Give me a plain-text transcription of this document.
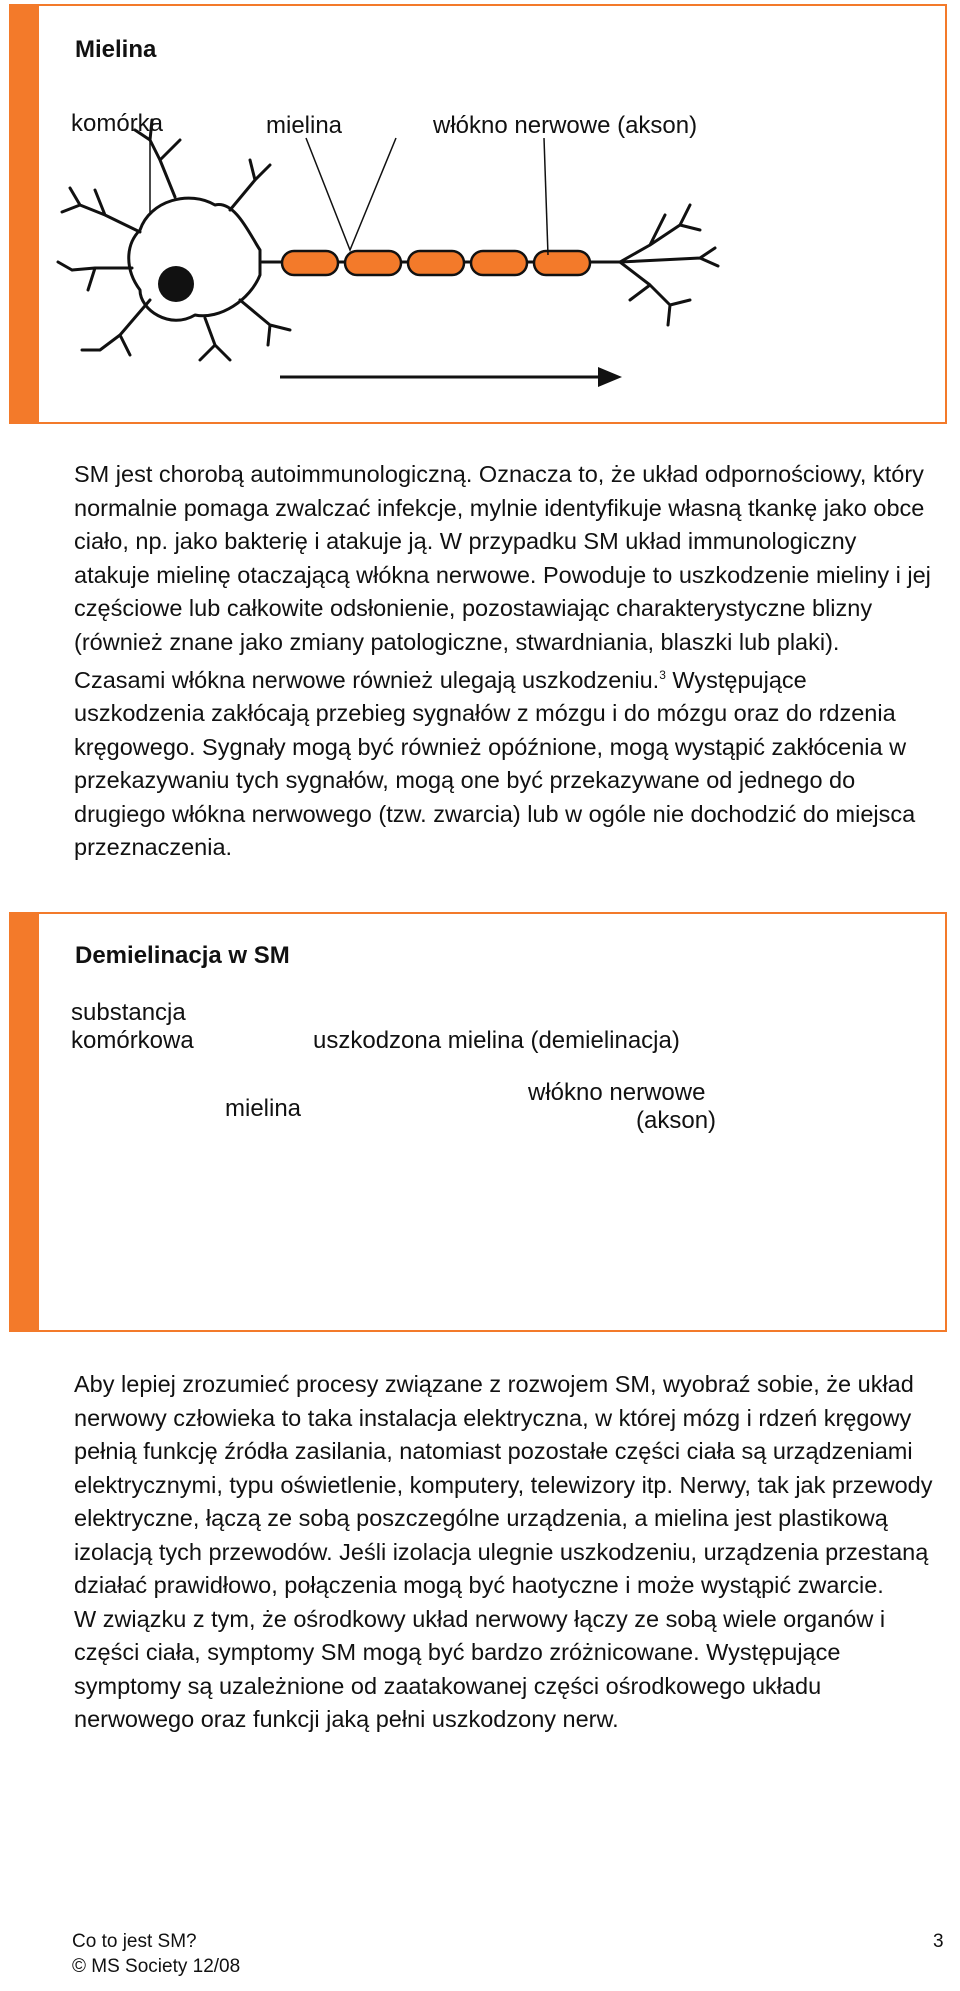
Mielina
komórka	mielina	włókno nerwowe (akson)

SM jest chorobą autoimmunologiczną. Oznacza to, że układ odpornościowy, który normalnie pomaga zwalczać infekcje, mylnie identyfikuje własną tkankę jako obce ciało, np. jako bakterię i atakuje ją. W przypadku SM układ immunologiczny atakuje mielinę otaczającą włókna nerwowe. Powoduje to uszkodzenie mieliny i jej częściowe lub całkowite odsłonienie, pozostawiając charakterystyczne blizny (również znane jako zmiany patologiczne, stwardniania, blaszki lub plaki). Czasami włókna nerwowe również ulegają uszkodzeniu.$^3$ Występujące uszkodzenia zakłócają przebieg sygnałów z mózgu i do mózgu oraz do rdzenia kręgowego. Sygnały mogą być również opóźnione, mogą wystąpić zakłócenia w przekazywaniu tych sygnałów, mogą one być przekazywane od jednego do drugiego włókna nerwowego (tzw. zwarcia) lub w ogóle nie dochodzić do miejsca przeznaczenia.

Demielinacja w SM
substancja
komórkowa	uszkodzona mielina (demielinacja)
mielina
włókno nerwowe
(akson)

Aby lepiej zrozumieć procesy związane z rozwojem SM, wyobraź sobie, że układ nerwowy człowieka to taka instalacja elektryczna, w której mózg i rdzeń kręgowy pełnią funkcję źródła zasilania, natomiast pozostałe części ciała są urządzeniami elektrycznymi, typu oświetlenie, komputery, telewizory itp. Nerwy, tak jak przewody elektryczne, łączą ze sobą poszczególne urządzenia, a mielina jest plastikową izolacją tych przewodów. Jeśli izolacja ulegnie uszkodzeniu, urządzenia przestaną działać prawidłowo, połączenia mogą być haotyczne i może wystąpić zwarcie.

W związku z tym, że ośrodkowy układ nerwowy łączy ze sobą wiele organów i części ciała, symptomy SM mogą być bardzo zróżnicowane. Występujące symptomy są uzależnione od zaatakowanej części ośrodkowego układu nerwowego oraz funkcji jaką pełni uszkodzony nerw.

Co to jest SM?
© MS Society 12/08
3
